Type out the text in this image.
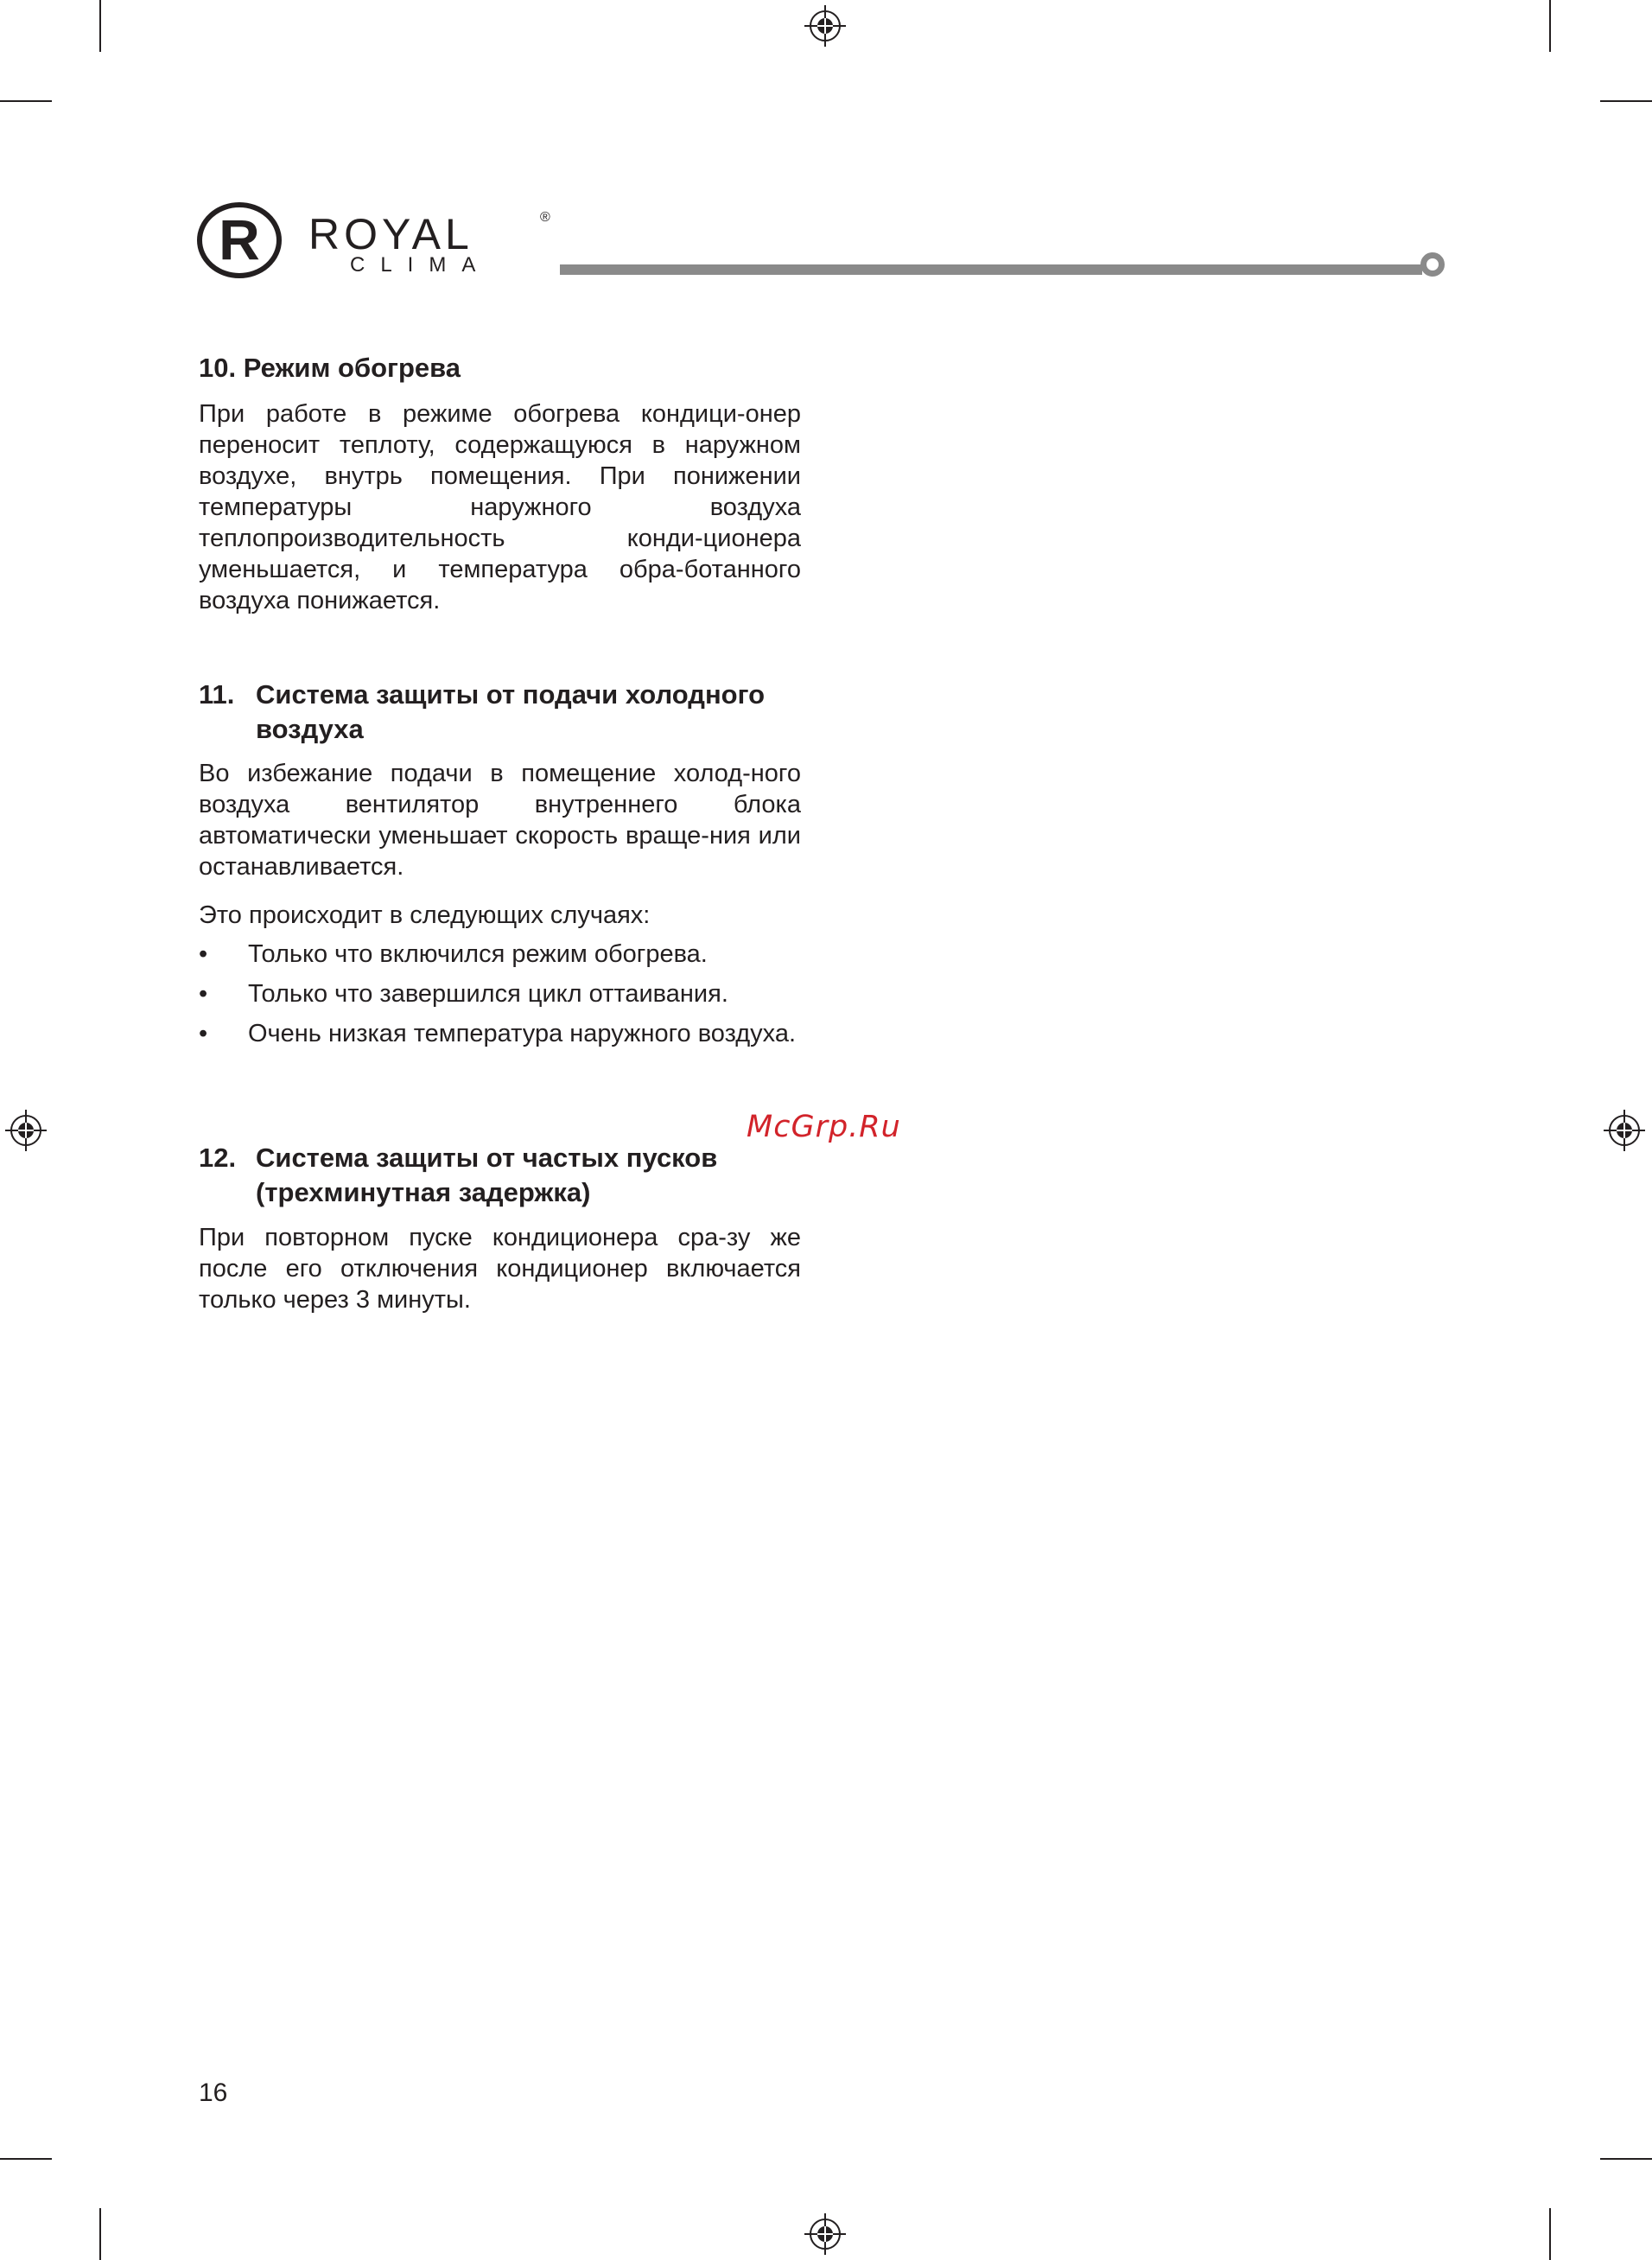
R ROYAL	®
CLIMA
10. Режим обогрева
При работе в режиме обогрева кондици-онер переносит теплоту, содержащуюся в наружном воздухе, внутрь помещения. При понижении температуры наружного воздуха теплопроизводительность конди-ционера уменьшается, и температура обра-ботанного воздуха понижается.
11. Система защиты от подачи холодного воздуха
Во избежание подачи в помещение холод-ного воздуха вентилятор внутреннего блока автоматически уменьшает скорость враще-ния или останавливается.
Это происходит в следующих случаях:
• Только что включился режим обогрева.
• Только что завершился цикл оттаивания.
• Очень низкая температура наружного воздуха.
McGrp.Ru
12. Система защиты от частых пусков (трехминутная задержка)
При повторном пуске кондиционера сра-зу же после его отключения кондиционер включается только через 3 минуты.
16
